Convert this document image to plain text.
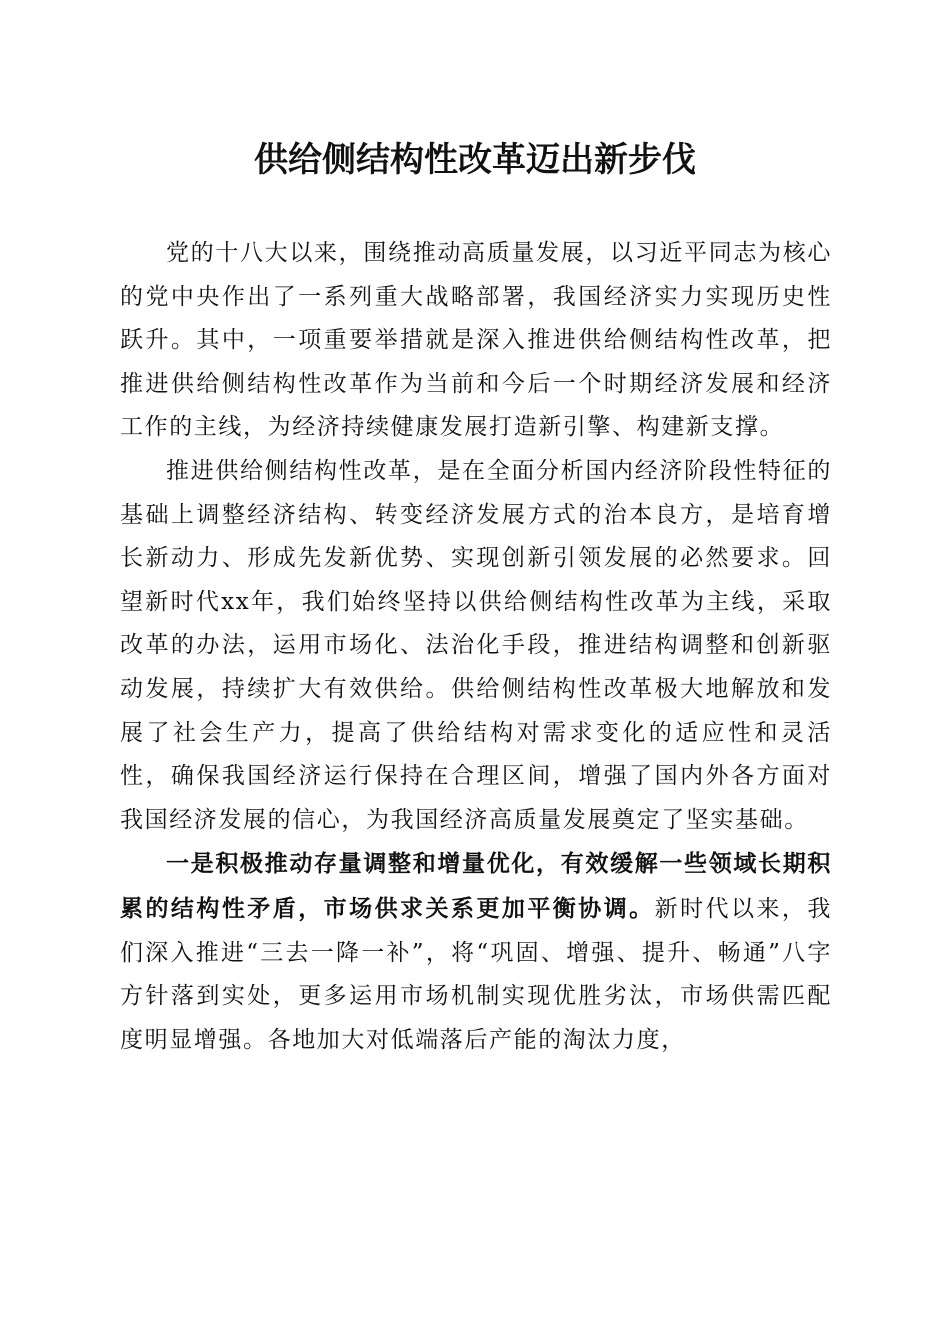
供给侧结构性改革迈出新步伐

党的十八大以来，围绕推动高质量发展，以习近平同志为核心的党中央作出了一系列重大战略部署，我国经济实力实现历史性跃升。其中，一项重要举措就是深入推进供给侧结构性改革，把推进供给侧结构性改革作为当前和今后一个时期经济发展和经济工作的主线，为经济持续健康发展打造新引擎、构建新支撑。

推进供给侧结构性改革，是在全面分析国内经济阶段性特征的基础上调整经济结构、转变经济发展方式的治本良方，是培育增长新动力、形成先发新优势、实现创新引领发展的必然要求。回望新时代xx年，我们始终坚持以供给侧结构性改革为主线，采取改革的办法，运用市场化、法治化手段，推进结构调整和创新驱动发展，持续扩大有效供给。供给侧结构性改革极大地解放和发展了社会生产力，提高了供给结构对需求变化的适应性和灵活性，确保我国经济运行保持在合理区间，增强了国内外各方面对我国经济发展的信心，为我国经济高质量发展奠定了坚实基础。

一是积极推动存量调整和增量优化，有效缓解一些领域长期积累的结构性矛盾，市场供求关系更加平衡协调。新时代以来，我们深入推进“三去一降一补”，将“巩固、增强、提升、畅通”八字方针落到实处，更多运用市场机制实现优胜劣汰，市场供需匹配度明显增强。各地加大对低端落后产能的淘汰力度，
